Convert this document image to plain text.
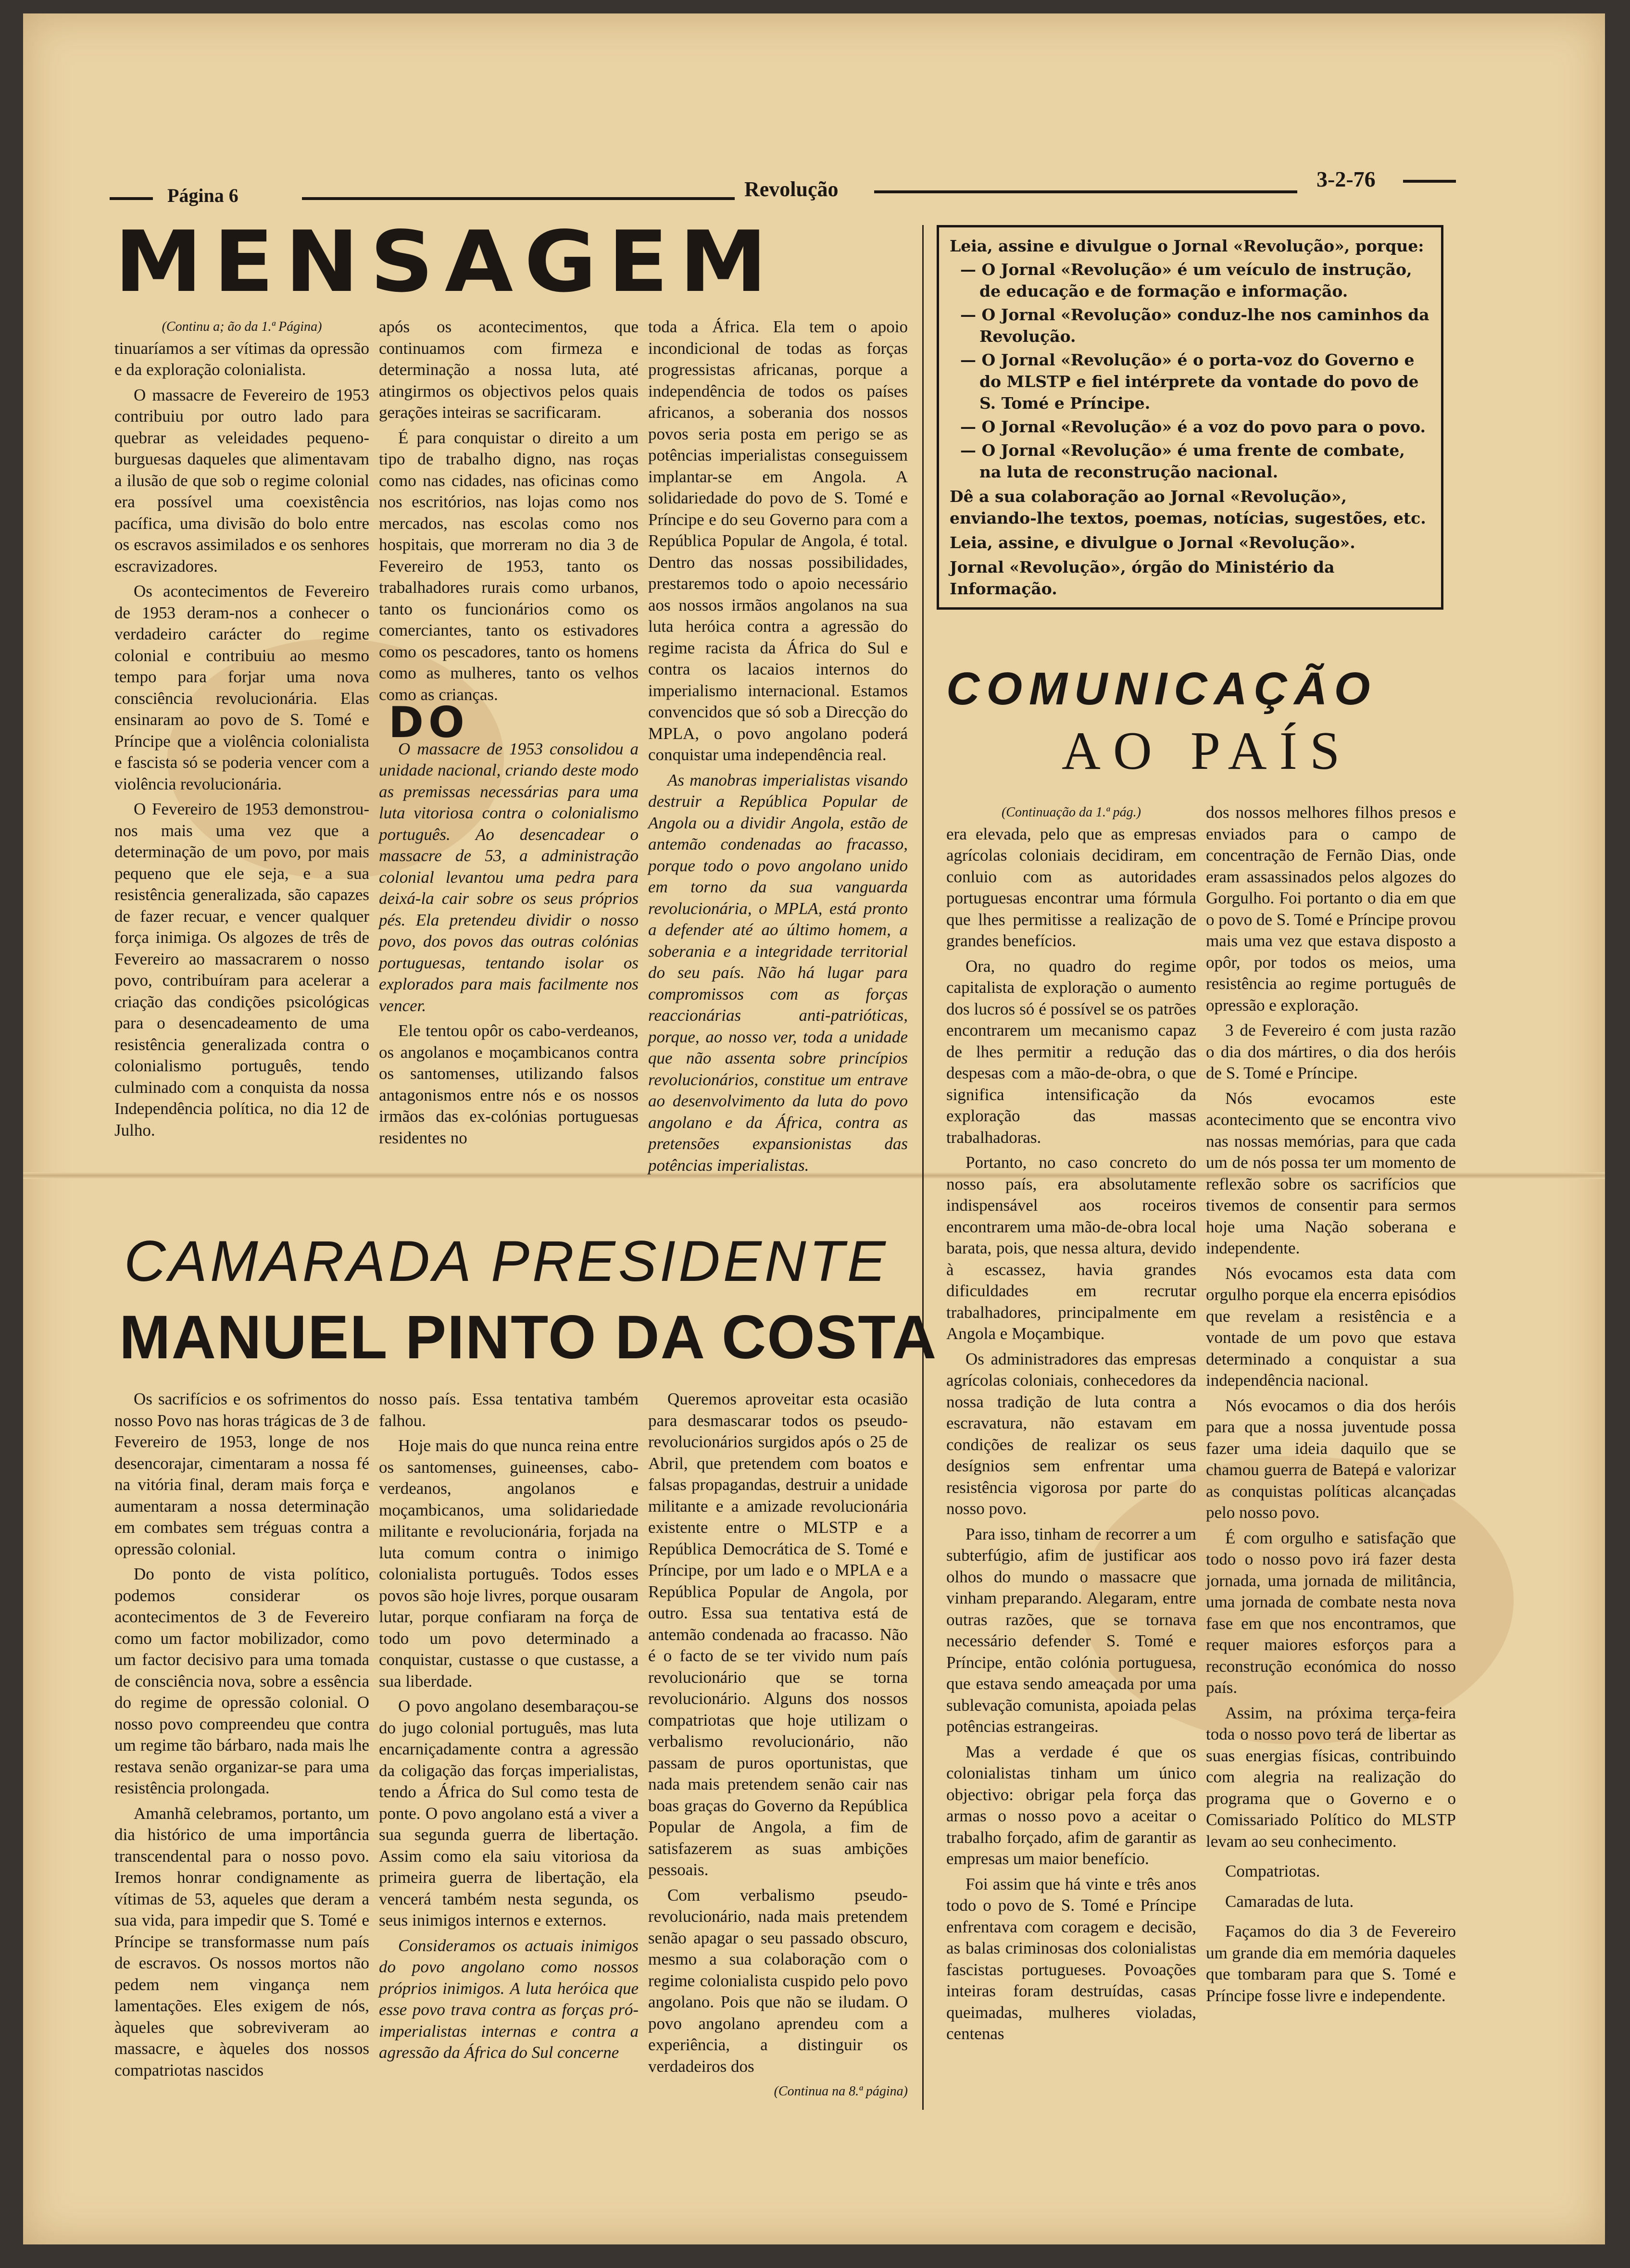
Página 6	Revolução	3-2-76
MENSAGEM
(Continu a; ão da 1.ª Página)

tinuaríamos a ser vítimas da opressão e da exploração colonialista.

O massacre de Fevereiro de 1953 contribuiu por outro lado para quebrar as veleidades pequeno-burguesas daqueles que alimentavam a ilusão de que sob o regime colonial era possível uma coexistência pacífica, uma divisão do bolo entre os escravos assimilados e os senhores escravizadores.

Os acontecimentos de Fevereiro de 1953 deram-nos a conhecer o verdadeiro carácter do regime colonial e contribuiu ao mesmo tempo para forjar uma nova consciência revolucionária. Elas ensinaram ao povo de S. Tomé e Príncipe que a violência colonialista e fascista só se poderia vencer com a violência revolucionária.

O Fevereiro de 1953 demonstrou-nos mais uma vez que a determinação de um povo, por mais pequeno que ele seja, e a sua resistência generalizada, são capazes de fazer recuar, e vencer qualquer força inimiga. Os algozes de três de Fevereiro ao massacrarem o nosso povo, contribuíram para acelerar a criação das condições psicológicas para o desencadeamento de uma resistência generalizada contra o colonialismo português, tendo culminado com a conquista da nossa Independência política, no dia 12 de Julho.

após os acontecimentos, que continuamos com firmeza e determinação a nossa luta, até atingirmos os objectivos pelos quais gerações inteiras se sacrificaram.

É para conquistar o direito a um tipo de trabalho digno, nas roças como nas cidades, nas oficinas como nos escritórios, nas lojas como nos mercados, nas escolas como nos hospitais, que morreram no dia 3 de Fevereiro de 1953, tanto os trabalhadores rurais como urbanos, tanto os funcionários como os comerciantes, tanto os estivadores como os pescadores, tanto os homens como as mulheres, tanto os velhos como as crianças.

DO

O massacre de 1953 consolidou a unidade nacional, criando deste modo as premissas necessárias para uma luta vitoriosa contra o colonialismo português. Ao desencadear o massacre de 53, a administração colonial levantou uma pedra para deixá-la cair sobre os seus próprios pés. Ela pretendeu dividir o nosso povo, dos povos das outras colónias portuguesas, tentando isolar os explorados para mais facilmente nos vencer.

Ele tentou opôr os cabo-verdeanos, os angolanos e moçambicanos contra os santomenses, utilizando falsos antagonismos entre nós e os nossos irmãos das ex-colónias portuguesas residentes no

toda a África. Ela tem o apoio incondicional de todas as forças progressistas africanas, porque a independência de todos os países africanos, a soberania dos nossos povos seria posta em perigo se as potências imperialistas conseguissem implantar-se em Angola. A solidariedade do povo de S. Tomé e Príncipe e do seu Governo para com a República Popular de Angola, é total. Dentro das nossas possibilidades, prestaremos todo o apoio necessário aos nossos irmãos angolanos na sua luta heróica contra a agressão do regime racista da África do Sul e contra os lacaios internos do imperialismo internacional. Estamos convencidos que só sob a Direcção do MPLA, o povo angolano poderá conquistar uma independência real.

As manobras imperialistas visando destruir a República Popular de Angola ou a dividir Angola, estão de antemão condenadas ao fracasso, porque todo o povo angolano unido em torno da sua vanguarda revolucionária, o MPLA, está pronto a defender até ao último homem, a soberania e a integridade territorial do seu país. Não há lugar para compromissos com as forças reaccionárias anti-patrióticas, porque, ao nosso ver, toda a unidade que não assenta sobre princípios revolucionários, constitue um entrave ao desenvolvimento da luta do povo angolano e da África, contra as pretensões expansionistas das potências imperialistas.

Leia, assine e divulgue o Jornal «Revolução», porque:
— O Jornal «Revolução» é um veículo de instrução, de educação e de formação e informação.
— O Jornal «Revolução» conduz-lhe nos caminhos da Revolução.
— O Jornal «Revolução» é o porta-voz do Governo e do MLSTP e fiel intérprete da vontade do povo de S. Tomé e Príncipe.
— O Jornal «Revolução» é a voz do povo para o povo.
— O Jornal «Revolução» é uma frente de combate, na luta de reconstrução nacional.
Dê a sua colaboração ao Jornal «Revolução», enviando-lhe textos, poemas, notícias, sugestões, etc.
Leia, assine, e divulgue o Jornal «Revolução».
Jornal «Revolução», órgão do Ministério da Informação.
COMUNICAÇÃO
AO PAÍS
(Continuação da 1.ª pág.)

era elevada, pelo que as empresas agrícolas coloniais decidiram, em conluio com as autoridades portuguesas encontrar uma fórmula que lhes permitisse a realização de grandes benefícios.

Ora, no quadro do regime capitalista de exploração o aumento dos lucros só é possível se os patrões encontrarem um mecanismo capaz de lhes permitir a redução das despesas com a mão-de-obra, o que significa intensificação da exploração das massas trabalhadoras.

Portanto, no caso concreto do nosso país, era absolutamente indispensável aos roceiros encontrarem uma mão-de-obra local barata, pois, que nessa altura, devido à escassez, havia grandes dificuldades em recrutar trabalhadores, principalmente em Angola e Moçambique.

Os administradores das empresas agrícolas coloniais, conhecedores da nossa tradição de luta contra a escravatura, não estavam em condições de realizar os seus desígnios sem enfrentar uma resistência vigorosa por parte do nosso povo.

Para isso, tinham de recorrer a um subterfúgio, afim de justificar aos olhos do mundo o massacre que vinham preparando. Alegaram, entre outras razões, que se tornava necessário defender S. Tomé e Príncipe, então colónia portuguesa, que estava sendo ameaçada por uma sublevação comunista, apoiada pelas potências estrangeiras.

Mas a verdade é que os colonialistas tinham um único objectivo: obrigar pela força das armas o nosso povo a aceitar o trabalho forçado, afim de garantir as empresas um maior benefício.

Foi assim que há vinte e três anos todo o povo de S. Tomé e Príncipe enfrentava com coragem e decisão, as balas criminosas dos colonialistas fascistas portugueses. Povoações inteiras foram destruídas, casas queimadas, mulheres violadas, centenas

dos nossos melhores filhos presos e enviados para o campo de concentração de Fernão Dias, onde eram assassinados pelos algozes do Gorgulho. Foi portanto o dia em que o povo de S. Tomé e Príncipe provou mais uma vez que estava disposto a opôr, por todos os meios, uma resistência ao regime português de opressão e exploração.

3 de Fevereiro é com justa razão o dia dos mártires, o dia dos heróis de S. Tomé e Príncipe.

Nós evocamos este acontecimento que se encontra vivo nas nossas memórias, para que cada um de nós possa ter um momento de reflexão sobre os sacrifícios que tivemos de consentir para sermos hoje uma Nação soberana e independente.

Nós evocamos esta data com orgulho porque ela encerra episódios que revelam a resistência e a vontade de um povo que estava determinado a conquistar a sua independência nacional.

Nós evocamos o dia dos heróis para que a nossa juventude possa fazer uma ideia daquilo que se chamou guerra de Batepá e valorizar as conquistas políticas alcançadas pelo nosso povo.

É com orgulho e satisfação que todo o nosso povo irá fazer desta jornada, uma jornada de militância, uma jornada de combate nesta nova fase em que nos encontramos, que requer maiores esforços para a reconstrução económica do nosso país.

Assim, na próxima terça-feira toda o nosso povo terá de libertar as suas energias físicas, contribuindo com alegria na realização do programa que o Governo e o Comissariado Político do MLSTP levam ao seu conhecimento.

Compatriotas.

Camaradas de luta.

Façamos do dia 3 de Fevereiro um grande dia em memória daqueles que tombaram para que S. Tomé e Príncipe fosse livre e independente.

CAMARADA PRESIDENTE
MANUEL PINTO DA COSTA

Os sacrifícios e os sofrimentos do nosso Povo nas horas trágicas de 3 de Fevereiro de 1953, longe de nos desencorajar, cimentaram a nossa fé na vitória final, deram mais força e aumentaram a nossa determinação em combates sem tréguas contra a opressão colonial.

Do ponto de vista político, podemos considerar os acontecimentos de 3 de Fevereiro como um factor mobilizador, como um factor decisivo para uma tomada de consciência nova, sobre a essência do regime de opressão colonial. O nosso povo compreendeu que contra um regime tão bárbaro, nada mais lhe restava senão organizar-se para uma resistência prolongada.

Amanhã celebramos, portanto, um dia histórico de uma importância transcendental para o nosso povo. Iremos honrar condignamente as vítimas de 53, aqueles que deram a sua vida, para impedir que S. Tomé e Príncipe se transformasse num país de escravos. Os nossos mortos não pedem nem vingança nem lamentações. Eles exigem de nós, àqueles que sobreviveram ao massacre, e àqueles dos nossos compatriotas nascidos

nosso país. Essa tentativa também falhou.

Hoje mais do que nunca reina entre os santomenses, guineenses, cabo-verdeanos, angolanos e moçambicanos, uma solidariedade militante e revolucionária, forjada na luta comum contra o inimigo colonialista português. Todos esses povos são hoje livres, porque ousaram lutar, porque confiaram na força de todo um povo determinado a conquistar, custasse o que custasse, a sua liberdade.

O povo angolano desembaraçou-se do jugo colonial português, mas luta encarniçadamente contra a agressão da coligação das forças imperialistas, tendo a África do Sul como testa de ponte. O povo angolano está a viver a sua segunda guerra de libertação. Assim como ela saiu vitoriosa da primeira guerra de libertação, ela vencerá também nesta segunda, os seus inimigos internos e externos.

Consideramos os actuais inimigos do povo angolano como nossos próprios inimigos. A luta heróica que esse povo trava contra as forças pró-imperialistas internas e contra a agressão da África do Sul concerne

Queremos aproveitar esta ocasião para desmascarar todos os pseudo-revolucionários surgidos após o 25 de Abril, que pretendem com boatos e falsas propagandas, destruir a unidade militante e a amizade revolucionária existente entre o MLSTP e a República Democrática de S. Tomé e Príncipe, por um lado e o MPLA e a República Popular de Angola, por outro. Essa sua tentativa está de antemão condenada ao fracasso. Não é o facto de se ter vivido num país revolucionário que se torna revolucionário. Alguns dos nossos compatriotas que hoje utilizam o verbalismo revolucionário, não passam de puros oportunistas, que nada mais pretendem senão cair nas boas graças do Governo da República Popular de Angola, a fim de satisfazerem as suas ambições pessoais.

Com verbalismo pseudo-revolucionário, nada mais pretendem senão apagar o seu passado obscuro, mesmo a sua colaboração com o regime colonialista cuspido pelo povo angolano. Pois que não se iludam. O povo angolano aprendeu com a experiência, a distinguir os verdadeiros dos

(Continua na 8.ª página)
